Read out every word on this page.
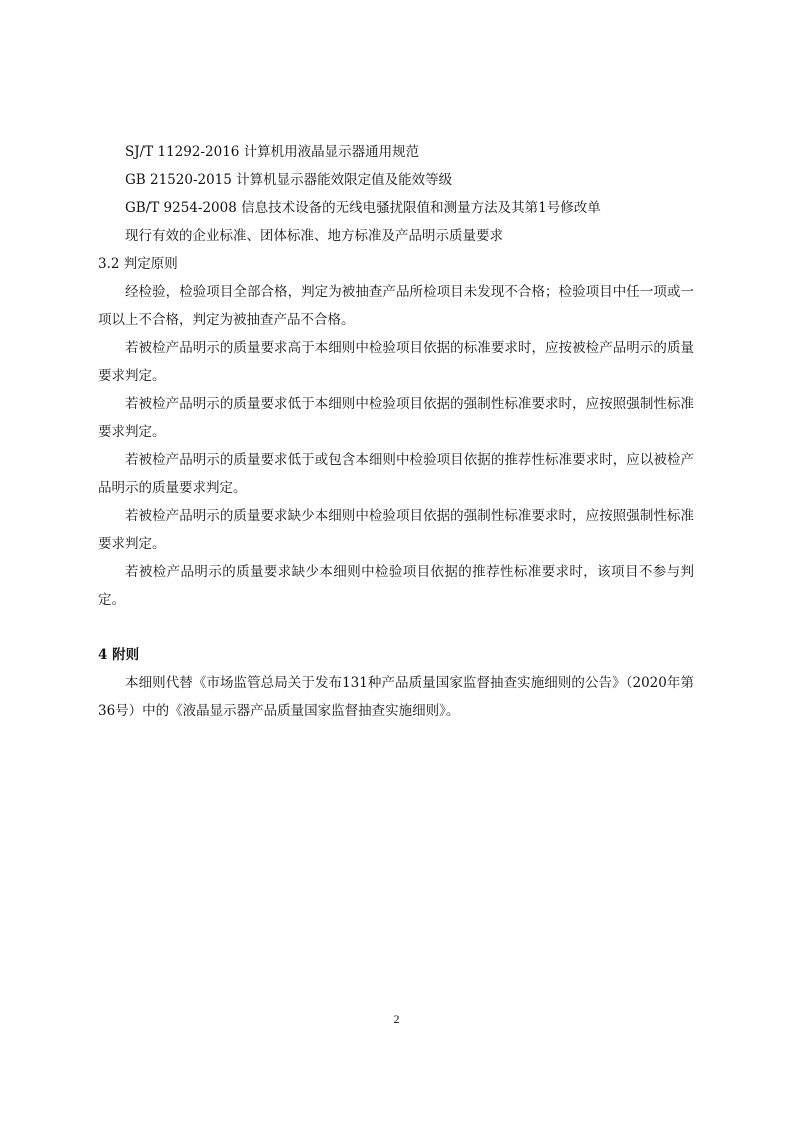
SJ/T 11292-2016 计算机用液晶显示器通用规范

GB 21520-2015 计算机显示器能效限定值及能效等级

GB/T 9254-2008 信息技术设备的无线电骚扰限值和测量方法及其第1号修改单

现行有效的企业标准、团体标准、地方标准及产品明示质量要求

3.2 判定原则

经检验，检验项目全部合格，判定为被抽查产品所检项目未发现不合格；检验项目中任一项或一项以上不合格，判定为被抽查产品不合格。

若被检产品明示的质量要求高于本细则中检验项目依据的标准要求时，应按被检产品明示的质量要求判定。

若被检产品明示的质量要求低于本细则中检验项目依据的强制性标准要求时，应按照强制性标准要求判定。

若被检产品明示的质量要求低于或包含本细则中检验项目依据的推荐性标准要求时，应以被检产品明示的质量要求判定。

若被检产品明示的质量要求缺少本细则中检验项目依据的强制性标准要求时，应按照强制性标准要求判定。

若被检产品明示的质量要求缺少本细则中检验项目依据的推荐性标准要求时，该项目不参与判定。

4 附则

本细则代替《市场监管总局关于发布131种产品质量国家监督抽查实施细则的公告》（2020年第36号）中的《液晶显示器产品质量国家监督抽查实施细则》。

2
